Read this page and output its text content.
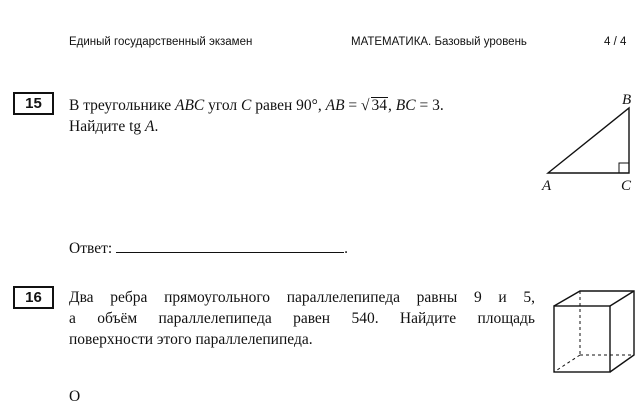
Единый государственный экзамен	МАТЕМАТИКА. Базовый уровень	4 / 4
15	В треугольнике ABC угол C равен 90°, AB = √ 34, BC = 3.
Найдите tg A.
B
A	C
Ответ:	.
16	Два ребра прямоугольного параллелепипеда равны 9 и 5,
а объём параллелепипеда равен 540. Найдите площадь
поверхности этого параллелепипеда.
О
